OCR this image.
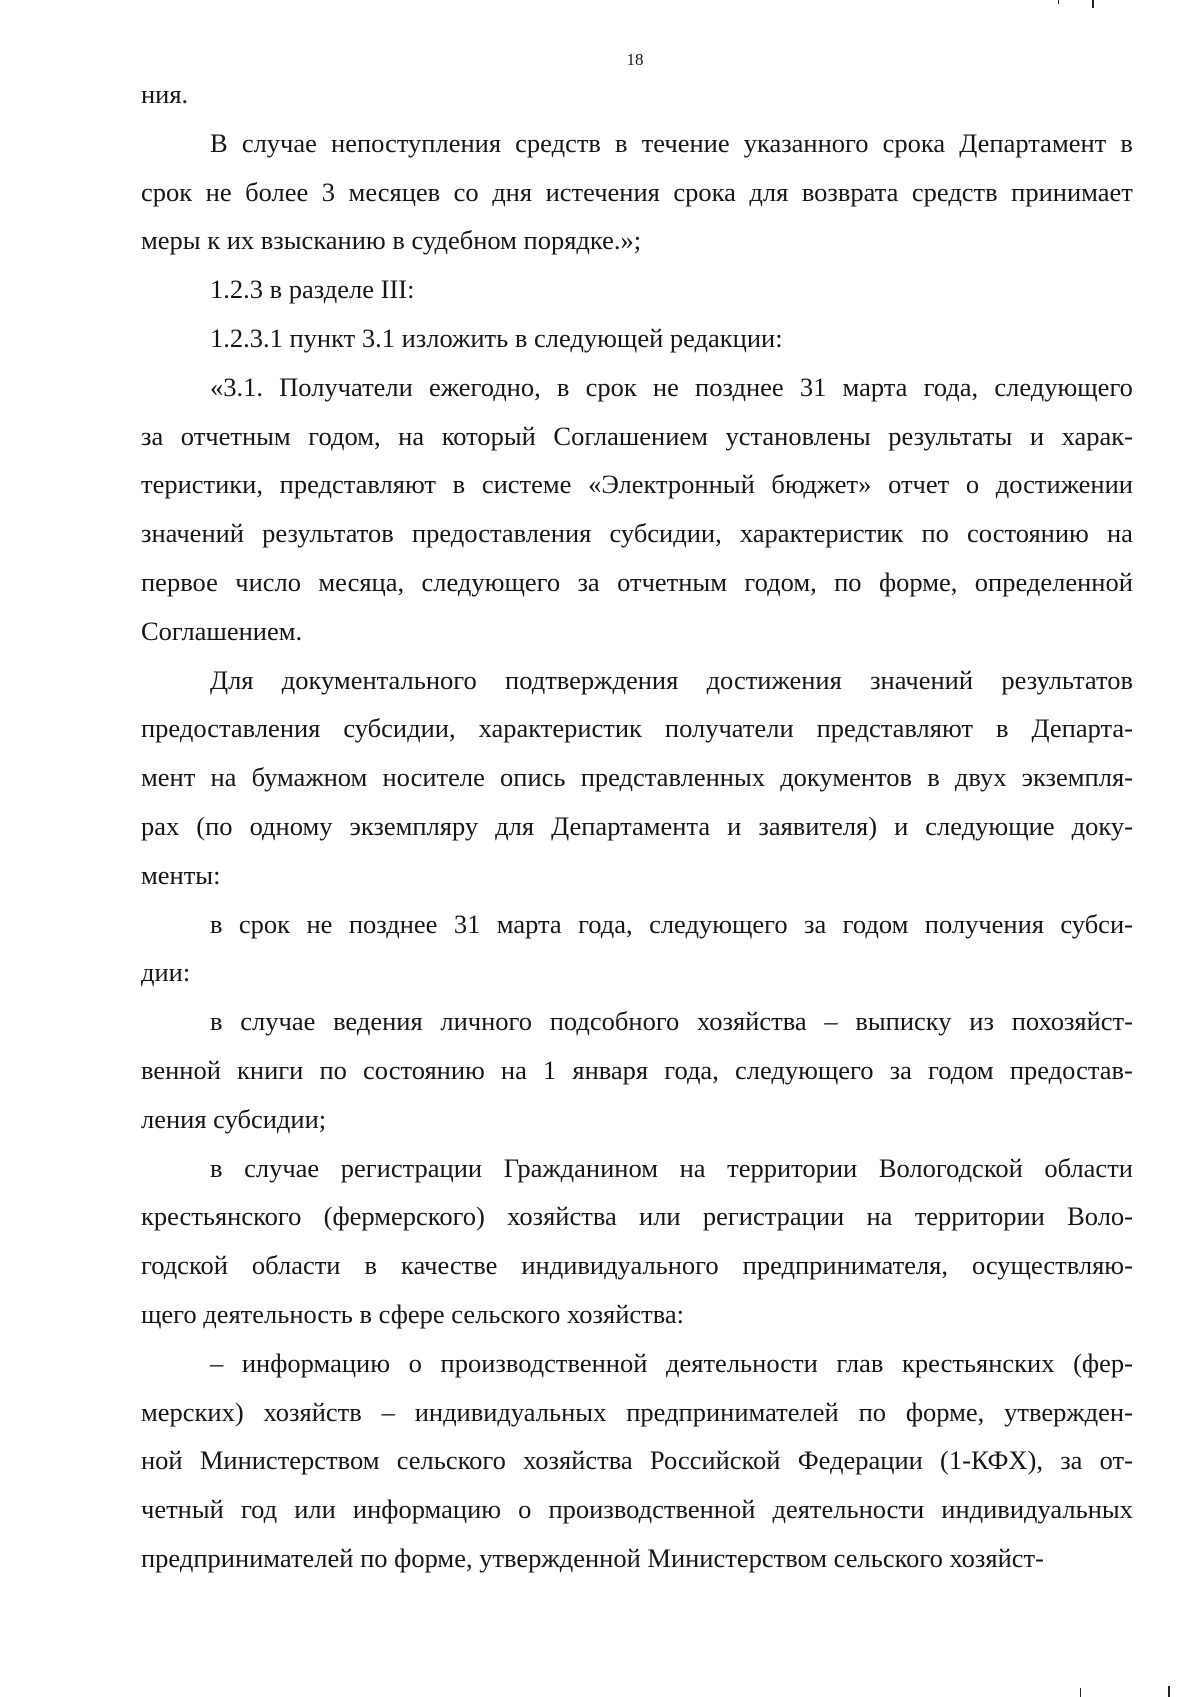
18
ния.
В случае непоступления средств в течение указанного срока Департамент в
срок не более 3 месяцев со дня истечения срока для возврата средств принимает
меры к их взысканию в судебном порядке.»;
1.2.3 в разделе III:
1.2.3.1 пункт 3.1 изложить в следующей редакции:
«3.1. Получатели ежегодно, в срок не позднее 31 марта года, следующего
за отчетным годом, на который Соглашением установлены результаты и харак-
теристики, представляют в системе «Электронный бюджет» отчет о достижении
значений результатов предоставления субсидии, характеристик по состоянию на
первое число месяца, следующего за отчетным годом, по форме, определенной
Соглашением.
Для документального подтверждения достижения значений результатов
предоставления субсидии, характеристик получатели представляют в Департа-
мент на бумажном носителе опись представленных документов в двух экземпля-
рах (по одному экземпляру для Департамента и заявителя) и следующие доку-
менты:
в срок не позднее 31 марта года, следующего за годом получения субси-
дии:
в случае ведения личного подсобного хозяйства – выписку из похозяйст-
венной книги по состоянию на 1 января года, следующего за годом предостав-
ления субсидии;
в случае регистрации Гражданином на территории Вологодской области
крестьянского (фермерского) хозяйства или регистрации на территории Воло-
годской области в качестве индивидуального предпринимателя, осуществляю-
щего деятельность в сфере сельского хозяйства:
– информацию о производственной деятельности глав крестьянских (фер-
мерских) хозяйств – индивидуальных предпринимателей по форме, утвержден-
ной Министерством сельского хозяйства Российской Федерации (1-КФХ), за от-
четный год или информацию о производственной деятельности индивидуальных
предпринимателей по форме, утвержденной Министерством сельского хозяйст-
